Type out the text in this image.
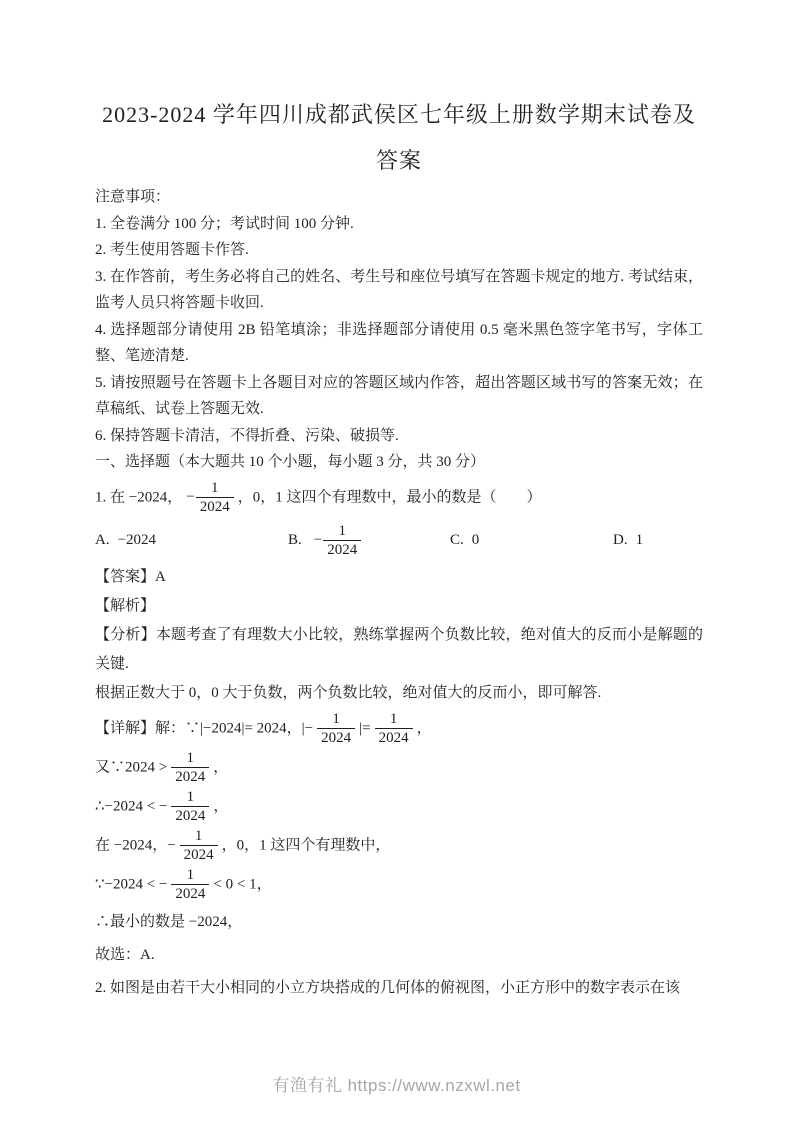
2023-2024 学年四川成都武侯区七年级上册数学期末试卷及
答案

注意事项：

1. 全卷满分 100 分；考试时间 100 分钟.

2. 考生使用答题卡作答.

3. 在作答前，考生务必将自己的姓名、考生号和座位号填写在答题卡规定的地方. 考试结束，监考人员只将答题卡收回.

4. 选择题部分请使用 2B 铅笔填涂；非选择题部分请使用 0.5 毫米黑色签字笔书写，字体工整、笔迹清楚.

5. 请按照题号在答题卡上各题目对应的答题区域内作答，超出答题区域书写的答案无效；在草稿纸、试卷上答题无效.

6. 保持答题卡清洁，不得折叠、污染、破损等.

一、选择题（本大题共 10 个小题，每小题 3 分，共 30 分）

1. 在 −2024， − $\frac{1}{2024}$ ，0，1 这四个有理数中，最小的数是（　　）

A. −2024	B. − $\frac{1}{2024}$	C. 0	D. 1

【答案】A

【解析】

【分析】本题考查了有理数大小比较，熟练掌握两个负数比较，绝对值大的反而小是解题的关键.

根据正数大于 0，0 大于负数，两个负数比较，绝对值大的反而小，即可解答.

【详解】解：∵|−2024|= 2024，|− $\frac{1}{2024}$ |= $\frac{1}{2024}$ ，

又∵2024 > $\frac{1}{2024}$ ，

∴−2024 < − $\frac{1}{2024}$ ，

在 −2024，− $\frac{1}{2024}$ ，0，1 这四个有理数中，

∵−2024 < − $\frac{1}{2024} < 0 < 1$，

∴最小的数是 −2024，

故选：A.

2. 如图是由若干大小相同的小立方块搭成的几何体的俯视图，小正方形中的数字表示在该

有渔有礼 https://www.nzxwl.net
